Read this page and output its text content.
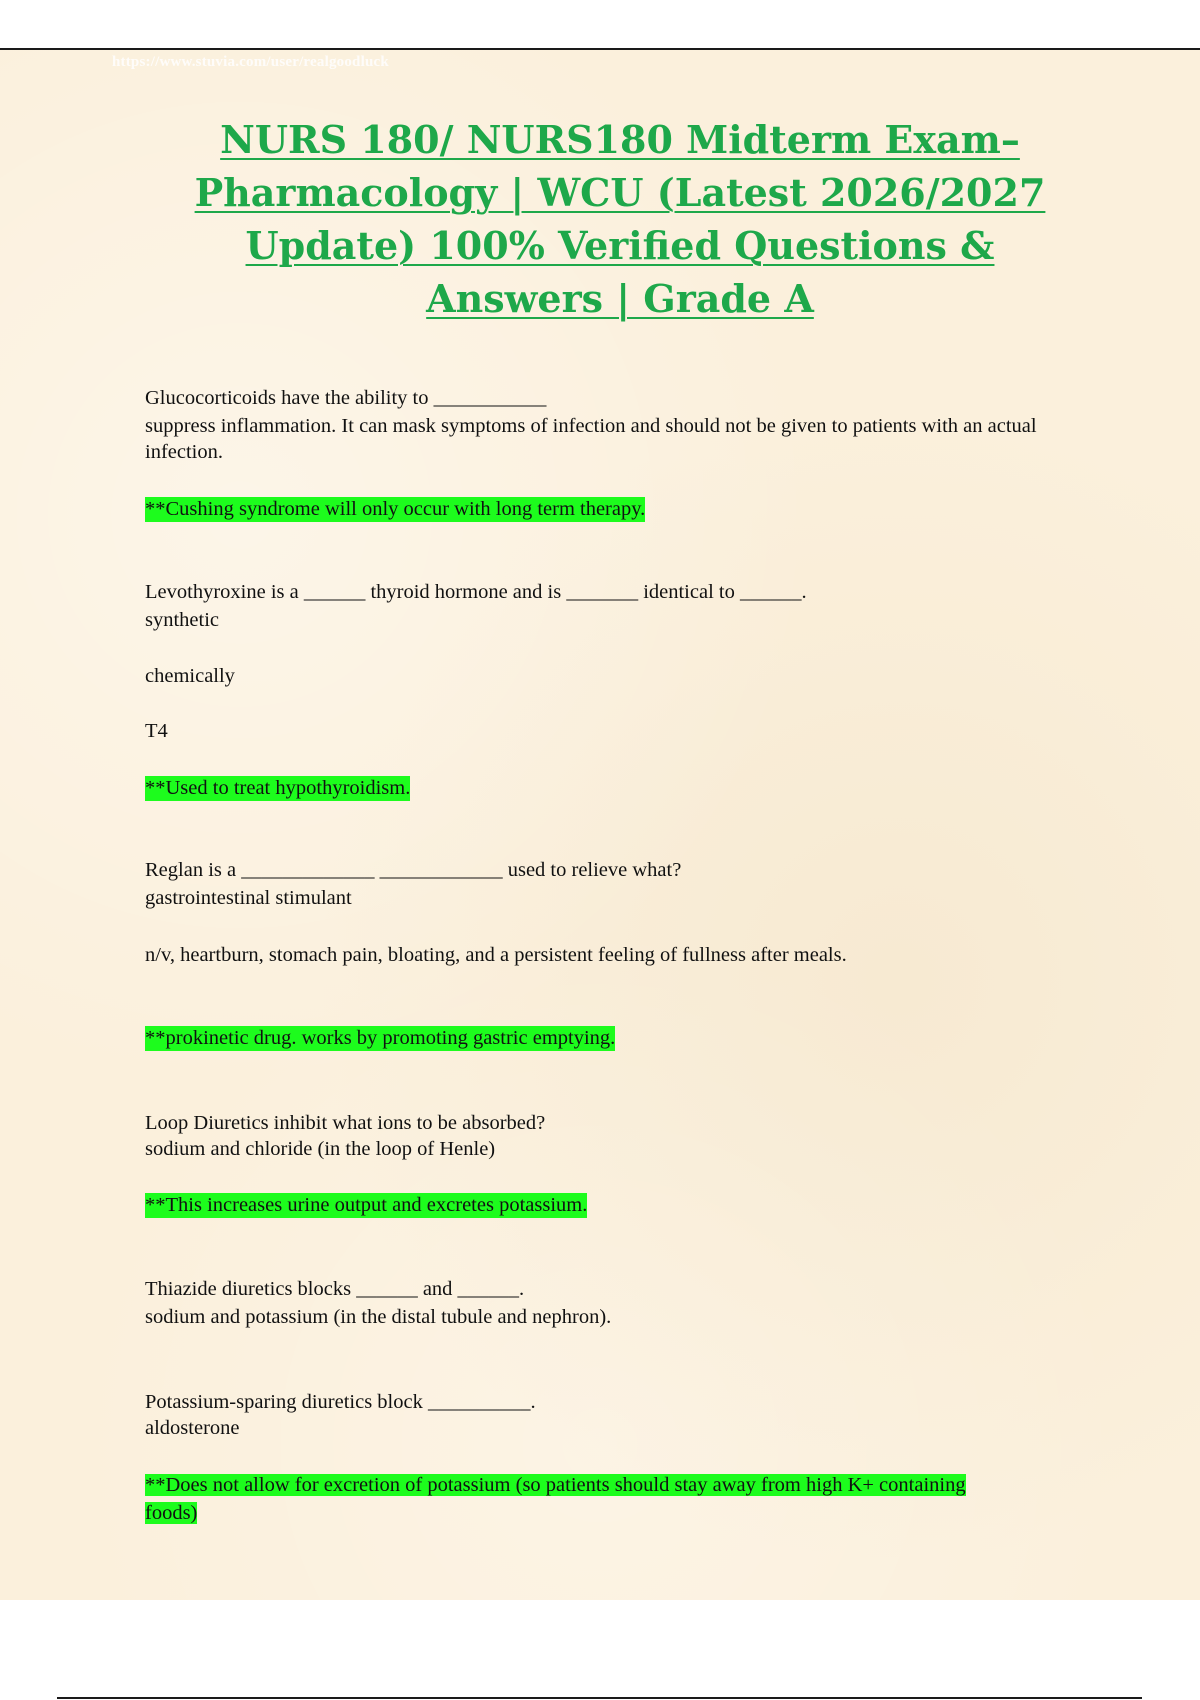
https://www.stuvia.com/user/realgoodluck
NURS 180/ NURS180 Midterm Exam–
Pharmacology | WCU (Latest 2026/2027
Update) 100% Verified Questions &
Answers | Grade A
Glucocorticoids have the ability to ___________
suppress inflammation. It can mask symptoms of infection and should not be given to patients with an actual infection.
**Cushing syndrome will only occur with long term therapy.
Levothyroxine is a ______ thyroid hormone and is _______ identical to ______.
synthetic
chemically
T4
**Used to treat hypothyroidism.
Reglan is a _____________ ____________ used to relieve what?
gastrointestinal stimulant
n/v, heartburn, stomach pain, bloating, and a persistent feeling of fullness after meals.
**prokinetic drug. works by promoting gastric emptying.
Loop Diuretics inhibit what ions to be absorbed?
sodium and chloride (in the loop of Henle)
**This increases urine output and excretes potassium.
Thiazide diuretics blocks ______ and ______.
sodium and potassium (in the distal tubule and nephron).
Potassium-sparing diuretics block __________.
aldosterone
**Does not allow for excretion of potassium (so patients should stay away from high K+ containing foods)
